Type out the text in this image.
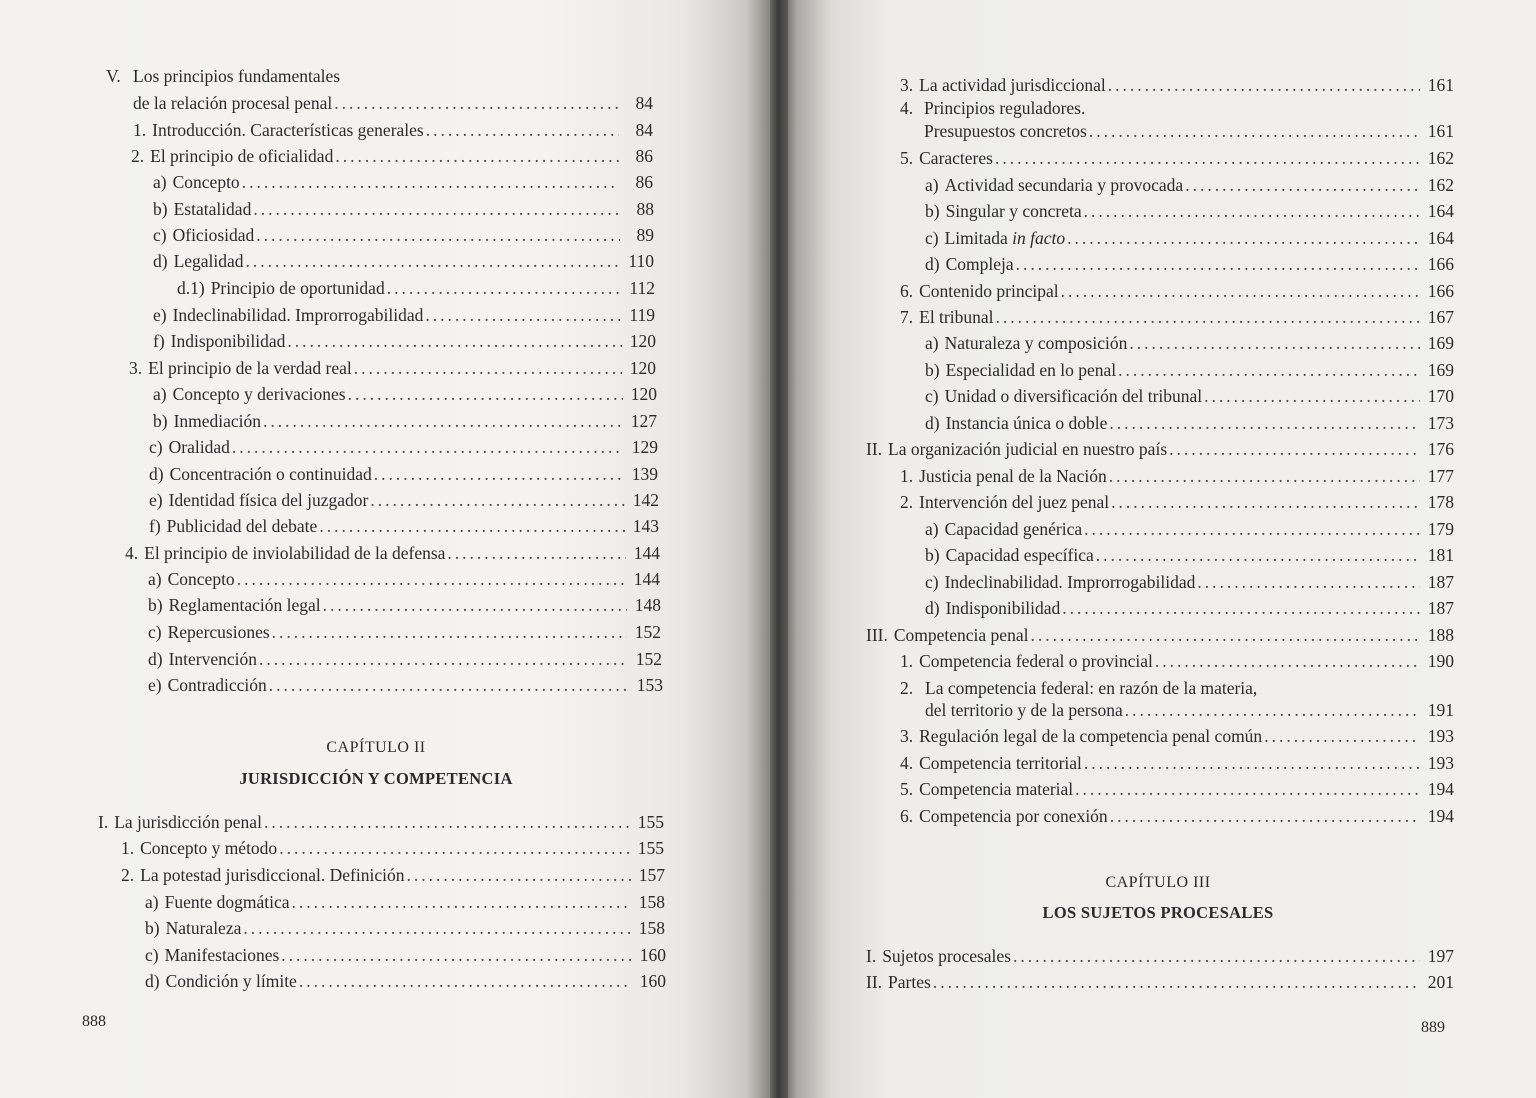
V. Los principios fundamentales
de la relación procesal penal .....	84
1. Introducción. Características generales .....	84
2. El principio de oficialidad .....	86
a) Concepto .....	86
b) Estatalidad .....	88
c) Oficiosidad .....	89
d) Legalidad .....	110
d.1) Principio de oportunidad .....	112
e) Indeclinabilidad. Improrrogabilidad .....	119
f) Indisponibilidad .....	120
3. El principio de la verdad real .....	120
a) Concepto y derivaciones .....	120
b) Inmediación .....	127
c) Oralidad .....	129
d) Concentración o continuidad .....	139
e) Identidad física del juzgador .....	142
f) Publicidad del debate .....	143
4. El principio de inviolabilidad de la defensa .....	144
a) Concepto .....	144
b) Reglamentación legal .....	148
c) Repercusiones .....	152
d) Intervención .....	152
e) Contradicción .....	153
CAPÍTULO II
JURISDICCIÓN Y COMPETENCIA
I. La jurisdicción penal .....	155
1. Concepto y método .....	155
2. La potestad jurisdiccional. Definición .....	157
a) Fuente dogmática .....	158
b) Naturaleza .....	158
c) Manifestaciones .....	160
d) Condición y límite .....	160
888
3. La actividad jurisdiccional .....	161
4. Principios reguladores.
Presupuestos concretos .....	161
5. Caracteres .....	162
a) Actividad secundaria y provocada .....	162
b) Singular y concreta .....	164
c) Limitada in facto .....	164
d) Compleja .....	166
6. Contenido principal .....	166
7. El tribunal .....	167
a) Naturaleza y composición .....	169
b) Especialidad en lo penal .....	169
c) Unidad o diversificación del tribunal .....	170
d) Instancia única o doble .....	173
II. La organización judicial en nuestro país .....	176
1. Justicia penal de la Nación .....	177
2. Intervención del juez penal .....	178
a) Capacidad genérica .....	179
b) Capacidad específica .....	181
c) Indeclinabilidad. Improrrogabilidad .....	187
d) Indisponibilidad .....	187
III. Competencia penal .....	188
1. Competencia federal o provincial .....	190
2. La competencia federal: en razón de la materia,
del territorio y de la persona .....	191
3. Regulación legal de la competencia penal común .....	193
4. Competencia territorial .....	193
5. Competencia material .....	194
6. Competencia por conexión .....	194
CAPÍTULO III
LOS SUJETOS PROCESALES
I. Sujetos procesales .....	197
II. Partes .....	201
889
